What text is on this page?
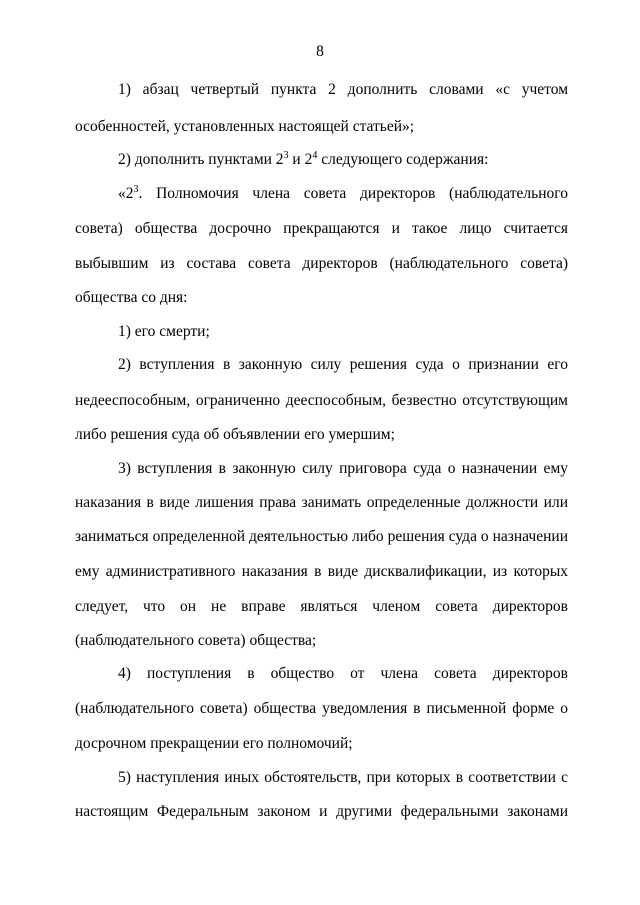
8
1) абзац четвертый пункта 2 дополнить словами «с учетом
особенностей, установленных настоящей статьей»;
2) дополнить пунктами $2^3$ и $2^4$ следующего содержания:
«$2^3$ . Полномочия члена совета директоров (наблюдательного
совета) общества досрочно прекращаются и такое лицо считается
выбывшим из состава совета директоров (наблюдательного совета)
общества со дня:
1) его смерти;
2) вступления в законную силу решения суда о признании его
недееспособным, ограниченно дееспособным, безвестно отсутствующим
либо решения суда об объявлении его умершим;
3) вступления в законную силу приговора суда о назначении ему
наказания в виде лишения права занимать определенные должности или
заниматься определенной деятельностью либо решения суда о назначении
ему административного наказания в виде дисквалификации, из которых
следует, что он не вправе являться членом совета директоров
(наблюдательного совета) общества;
4) поступления в общество от члена совета директоров
(наблюдательного совета) общества уведомления в письменной форме о
досрочном прекращении его полномочий;
5) наступления иных обстоятельств, при которых в соответствии с
настоящим Федеральным законом и другими федеральными законами
